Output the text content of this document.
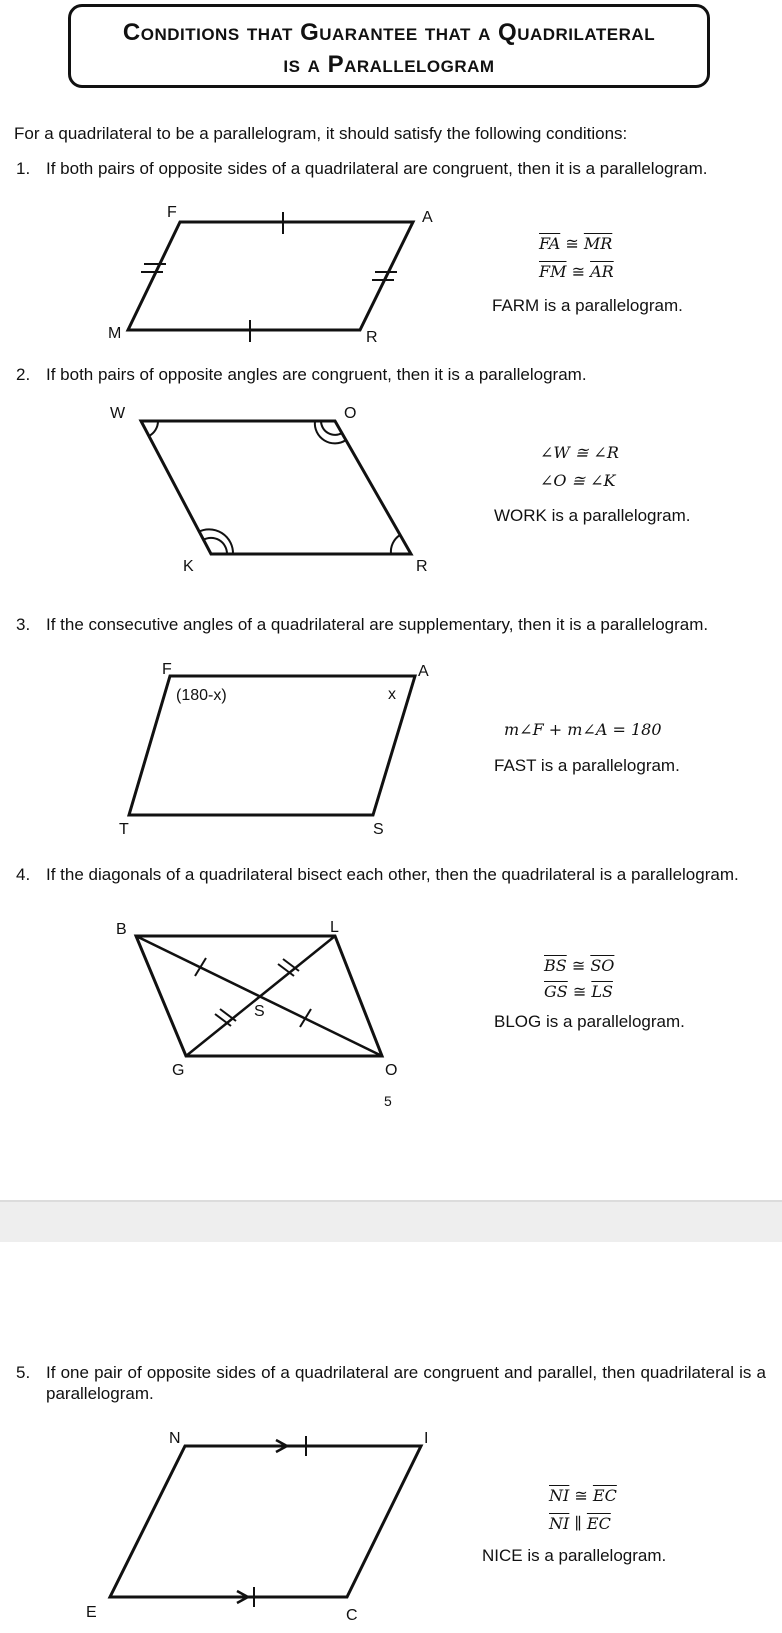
Conditions that Guarantee that a Quadrilateral
is a Parallelogram
For a quadrilateral to be a parallelogram, it should satisfy the following conditions:
1. If both pairs of opposite sides of a quadrilateral are congruent, then it is a parallelogram.
F	A
M	R
$\overline{FA}$ ≅ $\overline{MR}$
$\overline{FM}$ ≅ $\overline{AR}$
FARM is a parallelogram.
2. If both pairs of opposite angles are congruent, then it is a parallelogram.
W	O
K	R
∠W ≅ ∠R
∠O ≅ ∠K
WORK is a parallelogram.
3. If the consecutive angles of a quadrilateral are supplementary, then it is a parallelogram.
F	A
T	S
(180-x)	x
m∠F + m∠A = 180
FAST is a parallelogram.
4. If the diagonals of a quadrilateral bisect each other, then the quadrilateral is a parallelogram.
B	L
G	O
S
$\overline{BS}$ ≅ $\overline{SO}$
$\overline{GS}$ ≅ $\overline{LS}$
BLOG is a parallelogram.
5
5. If one pair of opposite sides of a quadrilateral are congruent and parallel, then quadrilateral is a parallelogram.
N	I
E	C
$\overline{NI}$ ≅ $\overline{EC}$
$\overline{NI}$ ∥ $\overline{EC}$
NICE is a parallelogram.
